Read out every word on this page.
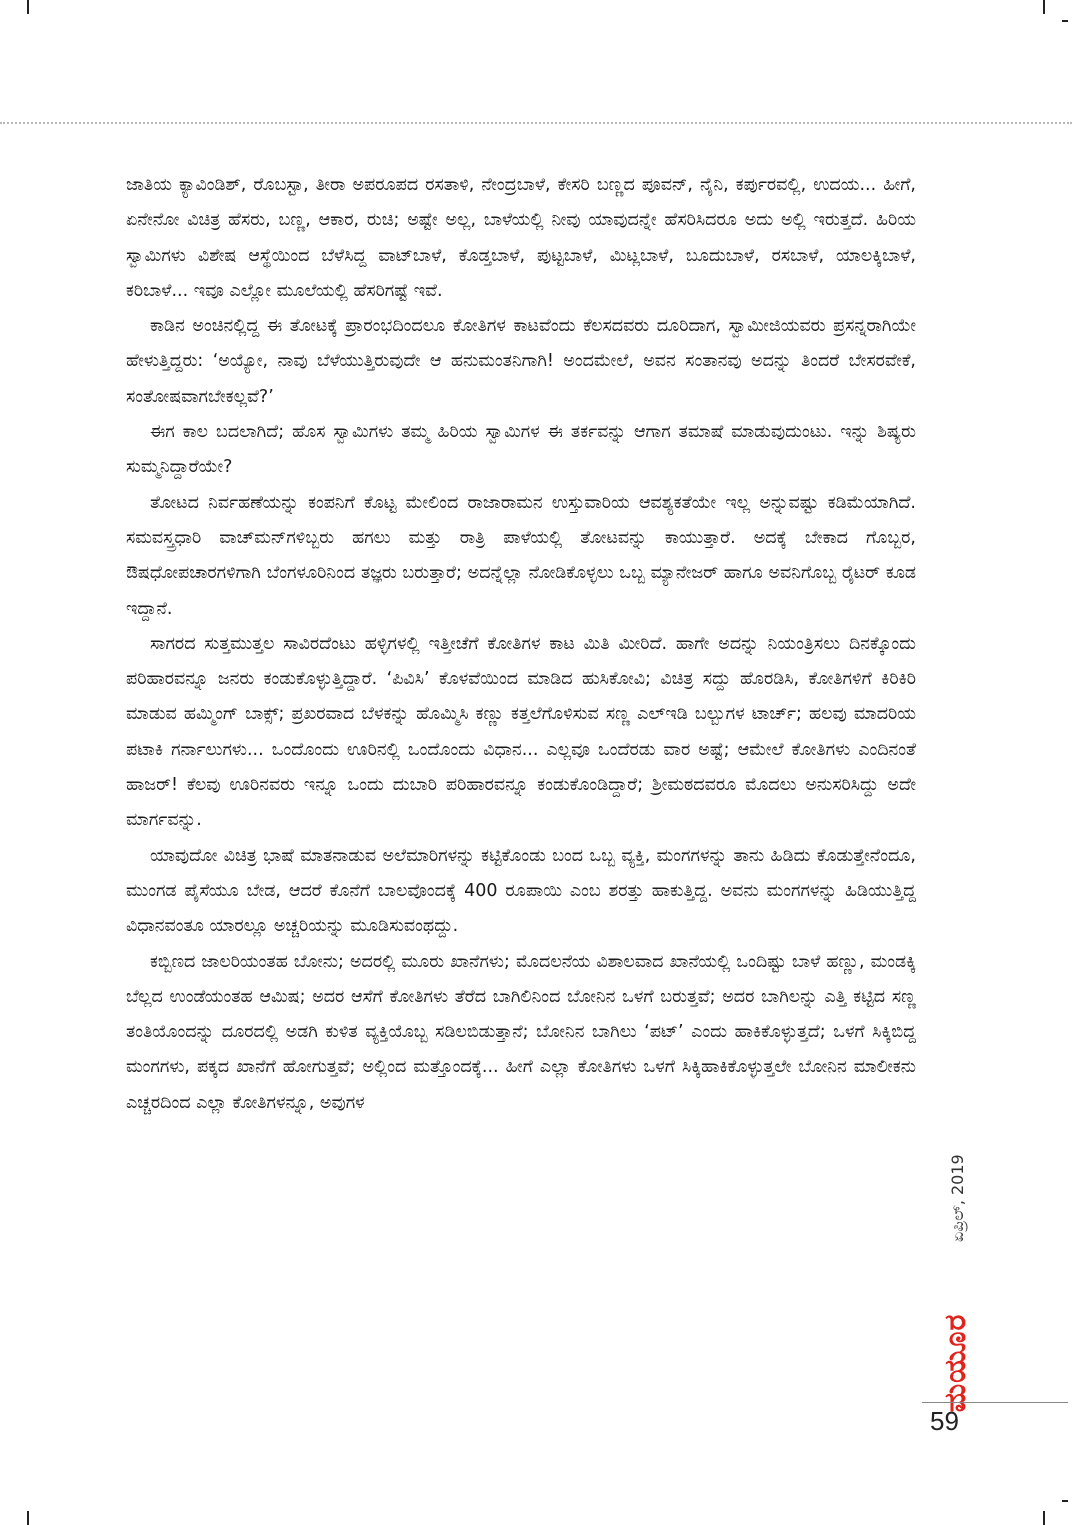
ಜಾತಿಯ ಕ್ಯಾವಿಂಡಿಶ್, ರೊಬಸ್ಟಾ, ತೀರಾ ಅಪರೂಪದ ರಸತಾಳಿ, ನೇಂದ್ರಬಾಳೆ, ಕೇಸರಿ ಬಣ್ಣದ ಪೂವನ್, ನೈನಿ, ಕರ್ಪುರವಲ್ಲಿ, ಉದಯ... ಹೀಗೆ, ಏನೇನೋ ವಿಚಿತ್ರ ಹೆಸರು, ಬಣ್ಣ, ಆಕಾರ, ರುಚಿ; ಅಷ್ಟೇ ಅಲ್ಲ, ಬಾಳೆಯಲ್ಲಿ ನೀವು ಯಾವುದನ್ನೇ ಹೆಸರಿಸಿದರೂ ಅದು ಅಲ್ಲಿ ಇರುತ್ತದೆ. ಹಿರಿಯ ಸ್ವಾಮಿಗಳು ವಿಶೇಷ ಆಸ್ಥೆಯಿಂದ ಬೆಳೆಸಿದ್ದ ವಾಟ್‌ಬಾಳೆ, ಕೊಡ್ತಬಾಳೆ, ಪುಟ್ಟಬಾಳೆ, ಮಿಟ್ಲಬಾಳೆ, ಬೂದುಬಾಳೆ, ರಸಬಾಳೆ, ಯಾಲಕ್ಕಿಬಾಳೆ, ಕರಿಬಾಳೆ... ಇವೂ ಎಲ್ಲೋ ಮೂಲೆಯಲ್ಲಿ ಹೆಸರಿಗಷ್ಟೆ ಇವೆ.

ಕಾಡಿನ ಅಂಚಿನಲ್ಲಿದ್ದ ಈ ತೋಟಕ್ಕೆ ಪ್ರಾರಂಭದಿಂದಲೂ ಕೋತಿಗಳ ಕಾಟವೆಂದು ಕೆಲಸದವರು ದೂರಿದಾಗ, ಸ್ವಾಮೀಜಿಯವರು ಪ್ರಸನ್ನರಾಗಿಯೇ ಹೇಳುತ್ತಿದ್ದರು: ‘ಅಯ್ಯೋ, ನಾವು ಬೆಳೆಯುತ್ತಿರುವುದೇ ಆ ಹನುಮಂತನಿಗಾಗಿ! ಅಂದಮೇಲೆ, ಅವನ ಸಂತಾನವು ಅದನ್ನು ತಿಂದರೆ ಬೇಸರವೇಕೆ, ಸಂತೋಷವಾಗಬೇಕಲ್ಲವೆ?’

ಈಗ ಕಾಲ ಬದಲಾಗಿದೆ; ಹೊಸ ಸ್ವಾಮಿಗಳು ತಮ್ಮ ಹಿರಿಯ ಸ್ವಾಮಿಗಳ ಈ ತರ್ಕವನ್ನು ಆಗಾಗ ತಮಾಷೆ ಮಾಡುವುದುಂಟು. ಇನ್ನು ಶಿಷ್ಯರು ಸುಮ್ಮನಿದ್ದಾರೆಯೇ?

ತೋಟದ ನಿರ್ವಹಣೆಯನ್ನು ಕಂಪನಿಗೆ ಕೊಟ್ಟ ಮೇಲಿಂದ ರಾಜಾರಾಮನ ಉಸ್ತುವಾರಿಯ ಆವಶ್ಯಕತೆಯೇ ಇಲ್ಲ ಅನ್ನುವಷ್ಟು ಕಡಿಮೆಯಾಗಿದೆ. ಸಮವಸ್ತ್ರಧಾರಿ ವಾಚ್‌ಮನ್‌ಗಳಿಬ್ಬರು ಹಗಲು ಮತ್ತು ರಾತ್ರಿ ಪಾಳೆಯಲ್ಲಿ ತೋಟವನ್ನು ಕಾಯುತ್ತಾರೆ. ಅದಕ್ಕೆ ಬೇಕಾದ ಗೊಬ್ಬರ, ಔಷಧೋಪಚಾರಗಳಿಗಾಗಿ ಬೆಂಗಳೂರಿನಿಂದ ತಜ್ಞರು ಬರುತ್ತಾರೆ; ಅದನ್ನೆಲ್ಲಾ ನೋಡಿಕೊಳ್ಳಲು ಒಬ್ಬ ಮ್ಯಾನೇಜರ್ ಹಾಗೂ ಅವನಿಗೊಬ್ಬ ರೈಟರ್ ಕೂಡ ಇದ್ದಾನೆ.

ಸಾಗರದ ಸುತ್ತಮುತ್ತಲ ಸಾವಿರದೆಂಟು ಹಳ್ಳಿಗಳಲ್ಲಿ ಇತ್ತೀಚೆಗೆ ಕೋತಿಗಳ ಕಾಟ ಮಿತಿ ಮೀರಿದೆ. ಹಾಗೇ ಅದನ್ನು ನಿಯಂತ್ರಿಸಲು ದಿನಕ್ಕೊಂದು ಪರಿಹಾರವನ್ನೂ ಜನರು ಕಂಡುಕೊಳ್ಳುತ್ತಿದ್ದಾರೆ. ‘ಪಿವಿಸಿ’ ಕೊಳವೆಯಿಂದ ಮಾಡಿದ ಹುಸಿಕೋವಿ; ವಿಚಿತ್ರ ಸದ್ದು ಹೊರಡಿಸಿ, ಕೋತಿಗಳಿಗೆ ಕಿರಿಕಿರಿ ಮಾಡುವ ಹಮ್ಮಿಂಗ್ ಬಾಕ್ಸ್; ಪ್ರಖರವಾದ ಬೆಳಕನ್ನು ಹೊಮ್ಮಿಸಿ ಕಣ್ಣು ಕತ್ತಲೆಗೊಳಿಸುವ ಸಣ್ಣ ಎಲ್‌ಇಡಿ ಬಲ್ಬುಗಳ ಟಾರ್ಚ್; ಹಲವು ಮಾದರಿಯ ಪಟಾಕಿ ಗರ್ನಾಲುಗಳು... ಒಂದೊಂದು ಊರಿನಲ್ಲಿ ಒಂದೊಂದು ವಿಧಾನ... ಎಲ್ಲವೂ ಒಂದೆರಡು ವಾರ ಅಷ್ಟೆ; ಆಮೇಲೆ ಕೋತಿಗಳು ಎಂದಿನಂತೆ ಹಾಜರ್! ಕೆಲವು ಊರಿನವರು ಇನ್ನೂ ಒಂದು ದುಬಾರಿ ಪರಿಹಾರವನ್ನೂ ಕಂಡುಕೊಂಡಿದ್ದಾರೆ; ಶ್ರೀಮಠದವರೂ ಮೊದಲು ಅನುಸರಿಸಿದ್ದು ಅದೇ ಮಾರ್ಗವನ್ನು.

ಯಾವುದೋ ವಿಚಿತ್ರ ಭಾಷೆ ಮಾತನಾಡುವ ಅಲೆಮಾರಿಗಳನ್ನು ಕಟ್ಟಿಕೊಂಡು ಬಂದ ಒಬ್ಬ ವ್ಯಕ್ತಿ, ಮಂಗಗಳನ್ನು ತಾನು ಹಿಡಿದು ಕೊಡುತ್ತೇನೆಂದೂ, ಮುಂಗಡ ಪೈಸೆಯೂ ಬೇಡ, ಆದರೆ ಕೊನೆಗೆ ಬಾಲವೊಂದಕ್ಕೆ 400 ರೂಪಾಯಿ ಎಂಬ ಶರತ್ತು ಹಾಕುತ್ತಿದ್ದ. ಅವನು ಮಂಗಗಳನ್ನು ಹಿಡಿಯುತ್ತಿದ್ದ ವಿಧಾನವಂತೂ ಯಾರಲ್ಲೂ ಅಚ್ಚರಿಯನ್ನು ಮೂಡಿಸುವಂಥದ್ದು.

ಕಬ್ಬಿಣದ ಜಾಲರಿಯಂತಹ ಬೋನು; ಅದರಲ್ಲಿ ಮೂರು ಖಾನೆಗಳು; ಮೊದಲನೆಯ ವಿಶಾಲವಾದ ಖಾನೆಯಲ್ಲಿ ಒಂದಿಷ್ಟು ಬಾಳೆ ಹಣ್ಣು, ಮಂಡಕ್ಕಿ ಬೆಲ್ಲದ ಉಂಡೆಯಂತಹ ಆಮಿಷ; ಅದರ ಆಸೆಗೆ ಕೋತಿಗಳು ತೆರೆದ ಬಾಗಿಲಿನಿಂದ ಬೋನಿನ ಒಳಗೆ ಬರುತ್ತವೆ; ಅದರ ಬಾಗಿಲನ್ನು ಎತ್ತಿ ಕಟ್ಟಿದ ಸಣ್ಣ ತಂತಿಯೊಂದನ್ನು ದೂರದಲ್ಲಿ ಅಡಗಿ ಕುಳಿತ ವ್ಯಕ್ತಿಯೊಬ್ಬ ಸಡಿಲಬಿಡುತ್ತಾನೆ; ಬೋನಿನ ಬಾಗಿಲು ‘ಪಟ್’ ಎಂದು ಹಾಕಿಕೊಳ್ಳುತ್ತದೆ; ಒಳಗೆ ಸಿಕ್ಕಿಬಿದ್ದ ಮಂಗಗಳು, ಪಕ್ಕದ ಖಾನೆಗೆ ಹೋಗುತ್ತವೆ; ಅಲ್ಲಿಂದ ಮತ್ತೊಂದಕ್ಕೆ... ಹೀಗೆ ಎಲ್ಲಾ ಕೋತಿಗಳು ಒಳಗೆ ಸಿಕ್ಕಿಹಾಕಿಕೊಳ್ಳುತ್ತಲೇ ಬೋನಿನ ಮಾಲೀಕನು ಎಚ್ಚರದಿಂದ ಎಲ್ಲಾ ಕೋತಿಗಳನ್ನೂ, ಅವುಗಳ

ಏಪ್ರಿಲ್, 2019
ಮಯೂರ
59
